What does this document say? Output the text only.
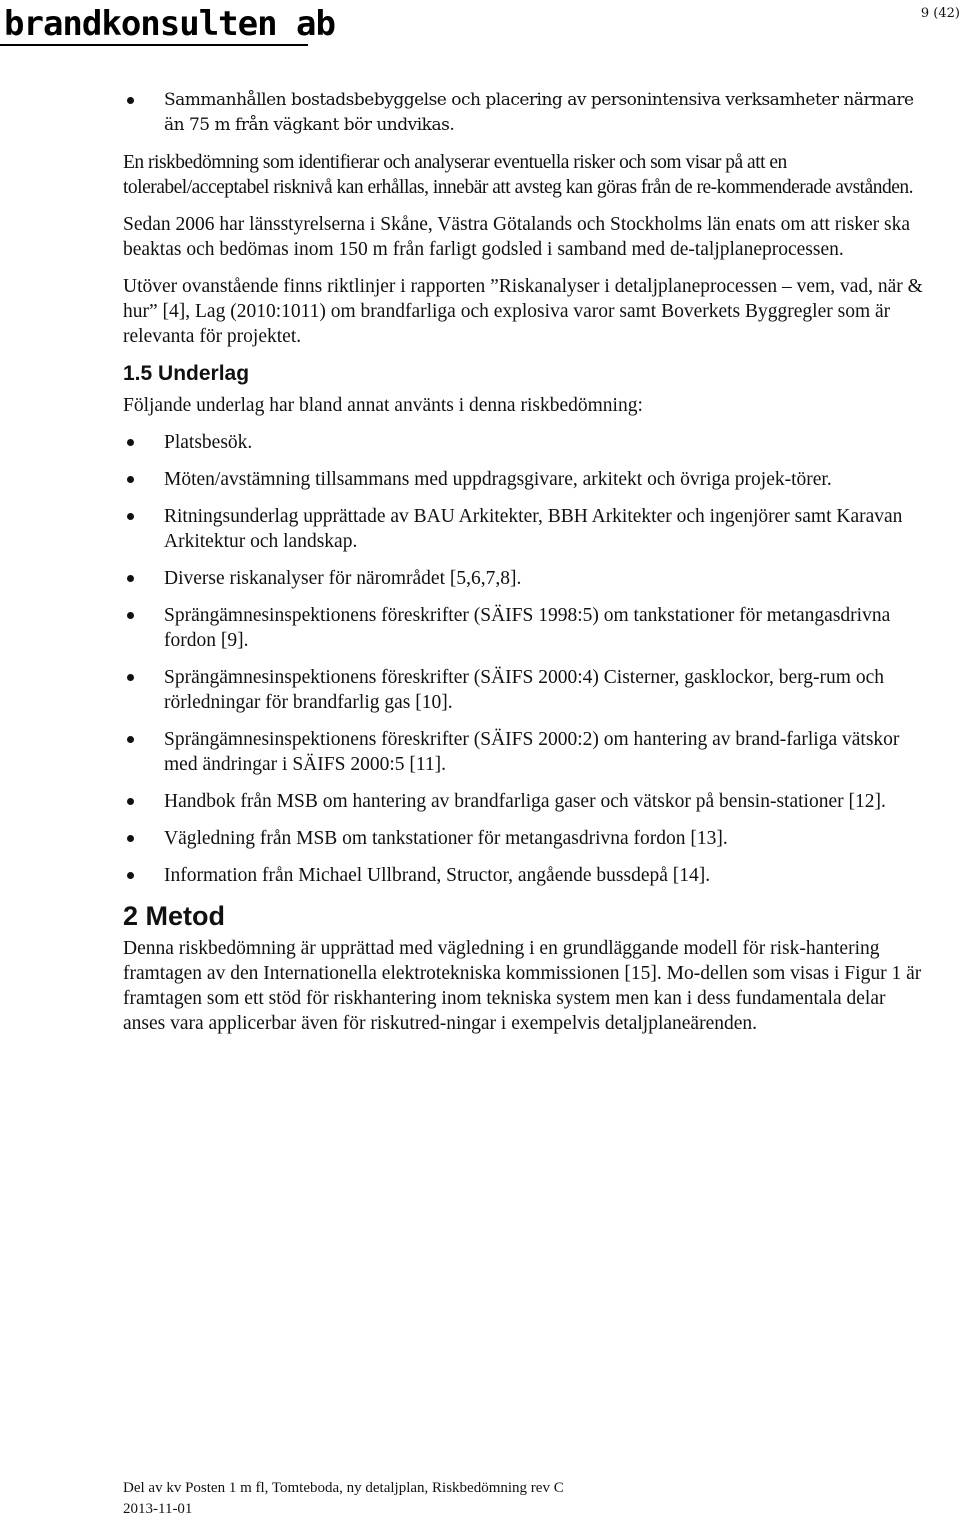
brandkonsulten ab	9 (42)
Sammanhållen bostadsbebyggelse och placering av personintensiva verksamheter närmare än 75 m från vägkant bör undvikas.

En riskbedömning som identifierar och analyserar eventuella risker och som visar på att en tolerabel/acceptabel risknivå kan erhållas, innebär att avsteg kan göras från de re-kommenderade avstånden.

Sedan 2006 har länsstyrelserna i Skåne, Västra Götalands och Stockholms län enats om att risker ska beaktas och bedömas inom 150 m från farligt godsled i samband med de-taljplaneprocessen.

Utöver ovanstående finns riktlinjer i rapporten ”Riskanalyser i detaljplaneprocessen – vem, vad, när & hur” [4], Lag (2010:1011) om brandfarliga och explosiva varor samt Boverkets Byggregler som är relevanta för projektet.

1.5 Underlag

Följande underlag har bland annat använts i denna riskbedömning:

Platsbesök.
Möten/avstämning tillsammans med uppdragsgivare, arkitekt och övriga projek-törer.
Ritningsunderlag upprättade av BAU Arkitekter, BBH Arkitekter och ingenjörer samt Karavan Arkitektur och landskap.
Diverse riskanalyser för närområdet [5,6,7,8].
Sprängämnesinspektionens föreskrifter (SÄIFS 1998:5) om tankstationer för metangasdrivna fordon [9].
Sprängämnesinspektionens föreskrifter (SÄIFS 2000:4) Cisterner, gasklockor, berg-rum och rörledningar för brandfarlig gas [10].
Sprängämnesinspektionens föreskrifter (SÄIFS 2000:2) om hantering av brand-farliga vätskor med ändringar i SÄIFS 2000:5 [11].
Handbok från MSB om hantering av brandfarliga gaser och vätskor på bensin-stationer [12].
Vägledning från MSB om tankstationer för metangasdrivna fordon [13].
Information från Michael Ullbrand, Structor, angående bussdepå [14].
2 Metod

Denna riskbedömning är upprättad med vägledning i en grundläggande modell för risk-hantering framtagen av den Internationella elektrotekniska kommissionen [15]. Mo-dellen som visas i Figur 1 är framtagen som ett stöd för riskhantering inom tekniska system men kan i dess fundamentala delar anses vara applicerbar även för riskutred-ningar i exempelvis detaljplaneärenden.

Del av kv Posten 1 m fl, Tomteboda, ny detaljplan, Riskbedömning rev C
2013-11-01
